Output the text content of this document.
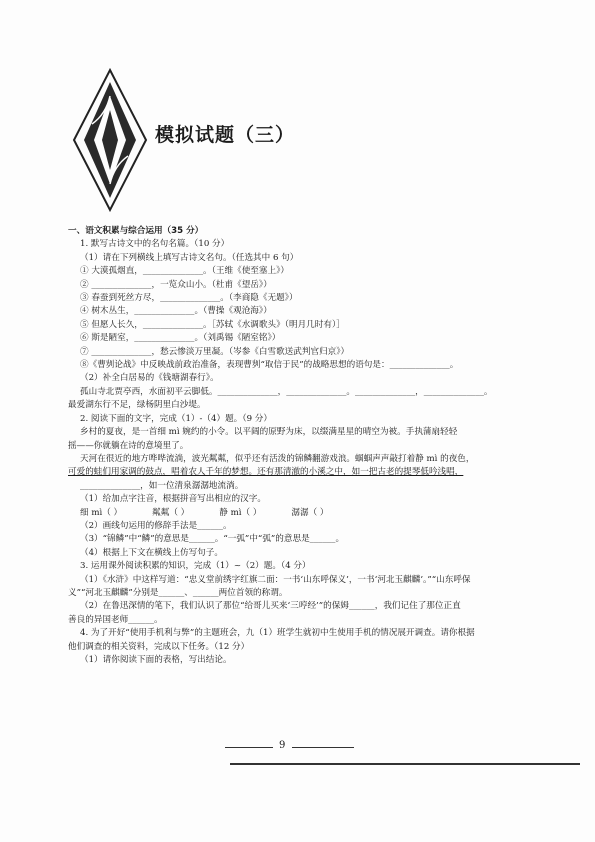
模拟试题（三）
一、语文积累与综合运用（35 分）
1. 默写古诗文中的名句名篇。（10 分）
（1）请在下列横线上填写古诗文名句。（任选其中 6 句）
① 大漠孤烟直，______________。（王维《使至塞上》）
② ______________，一览众山小。（杜甫《望岳》）
③ 春蚕到死丝方尽，______________。（李商隐《无题》）
④ 树木丛生，______________。（曹操《观沧海》）
⑤ 但愿人长久，______________。［苏轼《水调歌头》（明月几时有）］
⑥ 斯是陋室，______________。（刘禹锡《陋室铭》）
⑦ ______________，愁云惨淡万里凝。（岑参《白雪歌送武判官归京》）
⑧《曹刿论战》中反映战前政治准备，表现曹刿“取信于民”的战略思想的语句是：______________。
（2）补全白居易的《钱塘湖春行》。
孤山寺北贾亭西，水面初平云脚低。______________，______________。______________，______________。
最爱湖东行不足，绿杨阴里白沙堤。
2. 阅读下面的文字，完成（1）-（4）题。（9 分）
乡村的夏夜，是一首细 mì 婉约的小令。以平阔的原野为床，以缀满星星的晴空为被。手执蒲扇轻轻
摇——你就躺在诗的意境里了。
天河在很近的地方哗哗流淌，波光粼粼，似乎还有活泼的锦鳞翻游戏浪。蝈蝈声声敲打着静 mì 的夜色，
可爱的蛙们用家调的鼓点，唱着农人千年的梦想。还有那清澈的小溪之中，如一把古老的提琴低吟浅唱，
______________，如一位清泉潺潺地流淌。
（1）给加点字注音，根据拼音写出相应的汉字。
细 mì（ ）	粼粼（ ）	静 mì（ ）	潺潺（ ）
（2）画线句运用的修辞手法是______。
（3）“锦鳞”中“鳞”的意思是______。“一弧”中“弧”的意思是______。
（4）根据上下文在横线上仿写句子。
3. 运用课外阅读积累的知识，完成（1）~（2）题。（4 分）
（1）《水浒》中这样写道：“忠义堂前绣字红旗二面：一书‘山东呼保义’，一书‘河北玉麒麟’。”“山东呼保
义”“河北玉麒麟”分别是______、______两位首领的称谓。
（2）在鲁迅深情的笔下，我们认识了那位“给哥儿买来‘三哼经’”的保姆______，我们记住了那位正直
善良的异国老师______。
4. 为了开好“使用手机利与弊”的主题班会，九（1）班学生就初中生使用手机的情况展开调查。请你根据
他们调查的相关资料，完成以下任务。（12 分）
（1）请你阅读下面的表格，写出结论。
9
